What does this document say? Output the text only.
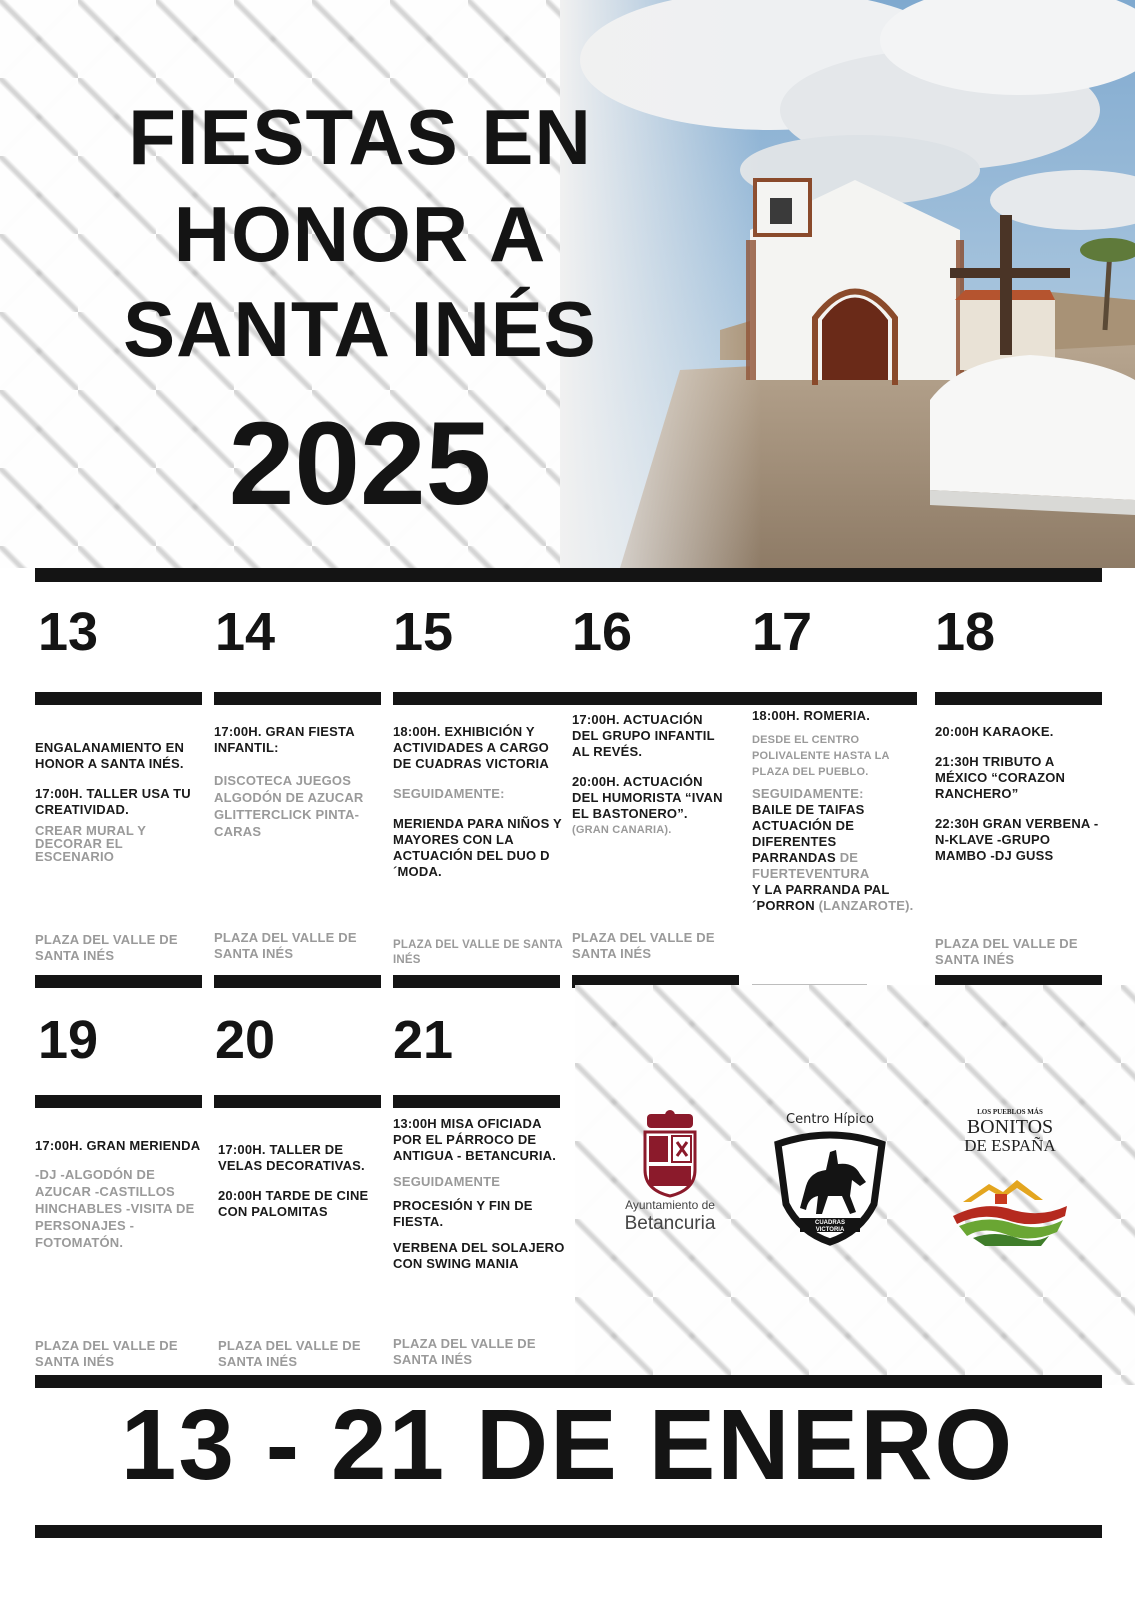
FIESTAS EN
HONOR A
SANTA INÉS
2025
13 14 15 16 17 18
ENGALANAMIENTO EN HONOR A SANTA INÉS.
17:00H. TALLER USA TU CREATIVIDAD.
CREAR MURAL Y DECORAR EL ESCENARIO
PLAZA DEL VALLE DE SANTA INÉS
17:00H. GRAN FIESTA INFANTIL:
DISCOTECA JUEGOS ALGODÓN DE AZUCAR GLITTERCLICK PINTA-CARAS
PLAZA DEL VALLE DE SANTA INÉS
18:00H. EXHIBICIÓN Y ACTIVIDADES A CARGO DE CUADRAS VICTORIA
SEGUIDAMENTE:
MERIENDA PARA NIÑOS Y MAYORES CON LA ACTUACIÓN DEL DUO D´MODA.
PLAZA DEL VALLE DE SANTA INÉS
17:00H. ACTUACIÓN DEL GRUPO INFANTIL AL REVÉS.
20:00H. ACTUACIÓN DEL HUMORISTA “IVAN EL BASTONERO”.
(GRAN CANARIA).
PLAZA DEL VALLE DE SANTA INÉS
18:00H. ROMERIA.
DESDE EL CENTRO POLIVALENTE HASTA LA PLAZA DEL PUEBLO.
SEGUIDAMENTE:
BAILE DE TAIFAS ACTUACIÓN DE DIFERENTES PARRANDAS DE FUERTEVENTURA
Y LA PARRANDA PAL´PORRON (LANZAROTE).
20:00H KARAOKE.
21:30H TRIBUTO A MÉXICO “CORAZON RANCHERO”
22:30H GRAN VERBENA -N-KLAVE -GRUPO MAMBO -DJ GUSS
PLAZA DEL VALLE DE SANTA INÉS
19 20 21
17:00H. GRAN MERIENDA
-DJ -ALGODÓN DE AZUCAR -CASTILLOS HINCHABLES -VISITA DE PERSONAJES -FOTOMATÓN.
PLAZA DEL VALLE DE SANTA INÉS
17:00H. TALLER DE VELAS DECORATIVAS.
20:00H TARDE DE CINE CON PALOMITAS
PLAZA DEL VALLE DE SANTA INÉS
13:00H MISA OFICIADA POR EL PÁRROCO DE ANTIGUA - BETANCURIA.
SEGUIDAMENTE
PROCESIÓN Y FIN DE FIESTA.
VERBENA DEL SOLAJERO CON SWING MANIA
PLAZA DEL VALLE DE SANTA INÉS
Ayuntamiento de
Betancuria
Centro Hípico
CUADRAS VICTORIA
LOS PUEBLOS MÁS
BONITOS
DE ESPAÑA
13 - 21 DE ENERO
